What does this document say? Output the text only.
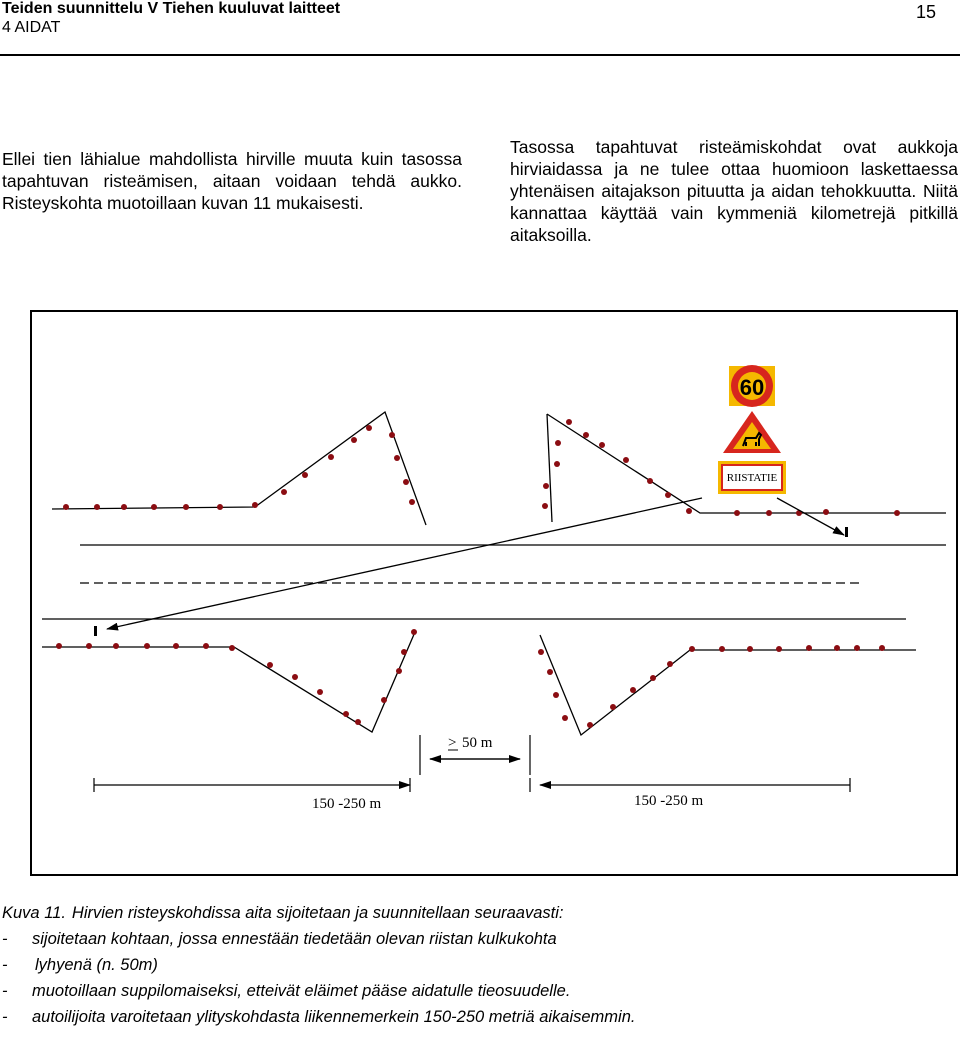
Teiden suunnittelu V Tiehen kuuluvat laitteet
4 AIDAT
15

Ellei tien lähialue mahdollista hirville muuta kuin tasossa tapahtuvan risteämisen, aitaan voidaan tehdä aukko. Risteyskohta muotoillaan kuvan 11 mukaisesti.

Tasossa tapahtuvat risteämiskohdat ovat aukkoja hirviaidassa ja ne tulee ottaa huomioon laskettaessa yhtenäisen aitajakson pituutta ja aidan tehokkuutta. Niitä kannattaa käyttää vain kymmeniä kilometrejä pitkillä aitaksoilla.

60
RIISTATIE
> 50 m
150 -250 m	150 -250 m
Kuva 11. Hirvien risteyskohdissa aita sijoitetaan ja suunnitellaan seuraavasti:
-	sijoitetaan kohtaan, jossa ennestään tiedetään olevan riistan kulkukohta
-	lyhyenä (n. 50m)
-	muotoillaan suppilomaiseksi, etteivät eläimet pääse aidatulle tieosuudelle.
-	autoilijoita varoitetaan ylityskohdasta liikennemerkein 150-250 metriä aikaisemmin.
